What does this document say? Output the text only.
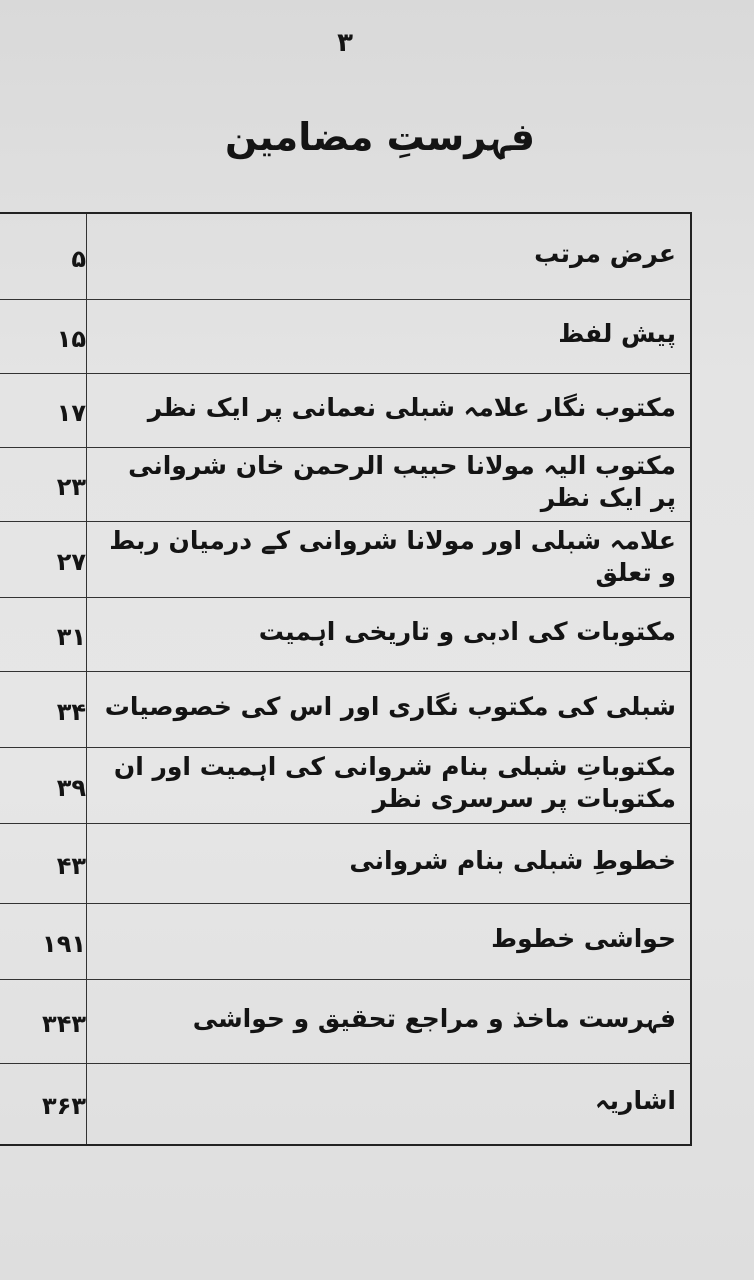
۳
فہرستِ مضامین
عرض مرتب
۵
پیش لفظ
۱۵
مکتوب نگار علامہ شبلی نعمانی پر ایک نظر
۱۷
مکتوب الیہ مولانا حبیب الرحمن خان شروانی پر ایک نظر
۲۳
علامہ شبلی اور مولانا شروانی کے درمیان ربط و تعلق
۲۷
مکتوبات کی ادبی و تاریخی اہمیت
۳۱
شبلی کی مکتوب نگاری اور اس کی خصوصیات
۳۴
مکتوباتِ شبلی بنام شروانی کی اہمیت اور ان مکتوبات پر سرسری نظر
۳۹
خطوطِ شبلی بنام شروانی
۴۳
حواشی خطوط
۱۹۱
فہرست ماخذ و مراجع تحقیق و حواشی
۳۴۳
اشاریہ
۳۶۳
